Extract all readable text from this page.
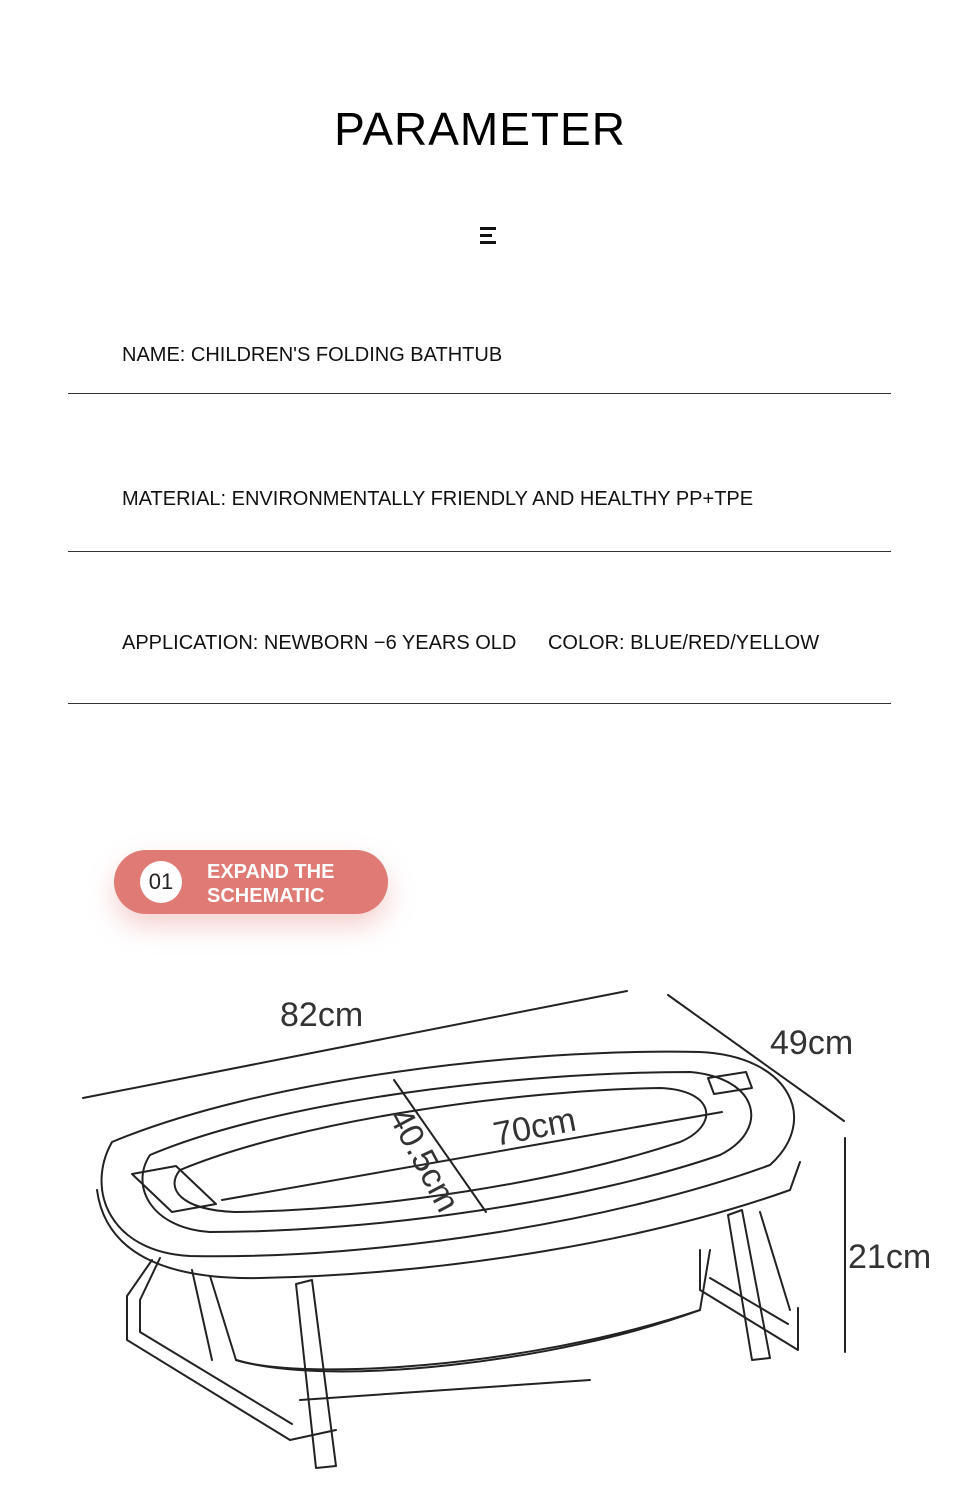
PARAMETER
NAME: CHILDREN'S FOLDING BATHTUB
MATERIAL: ENVIRONMENTALLY FRIENDLY AND HEALTHY PP+TPE
APPLICATION: NEWBORN −6 YEARS OLD COLOR: BLUE/RED/YELLOW
01	EXPAND THE SCHEMATIC
82cm
49cm
21cm
70cm
40.5cm
